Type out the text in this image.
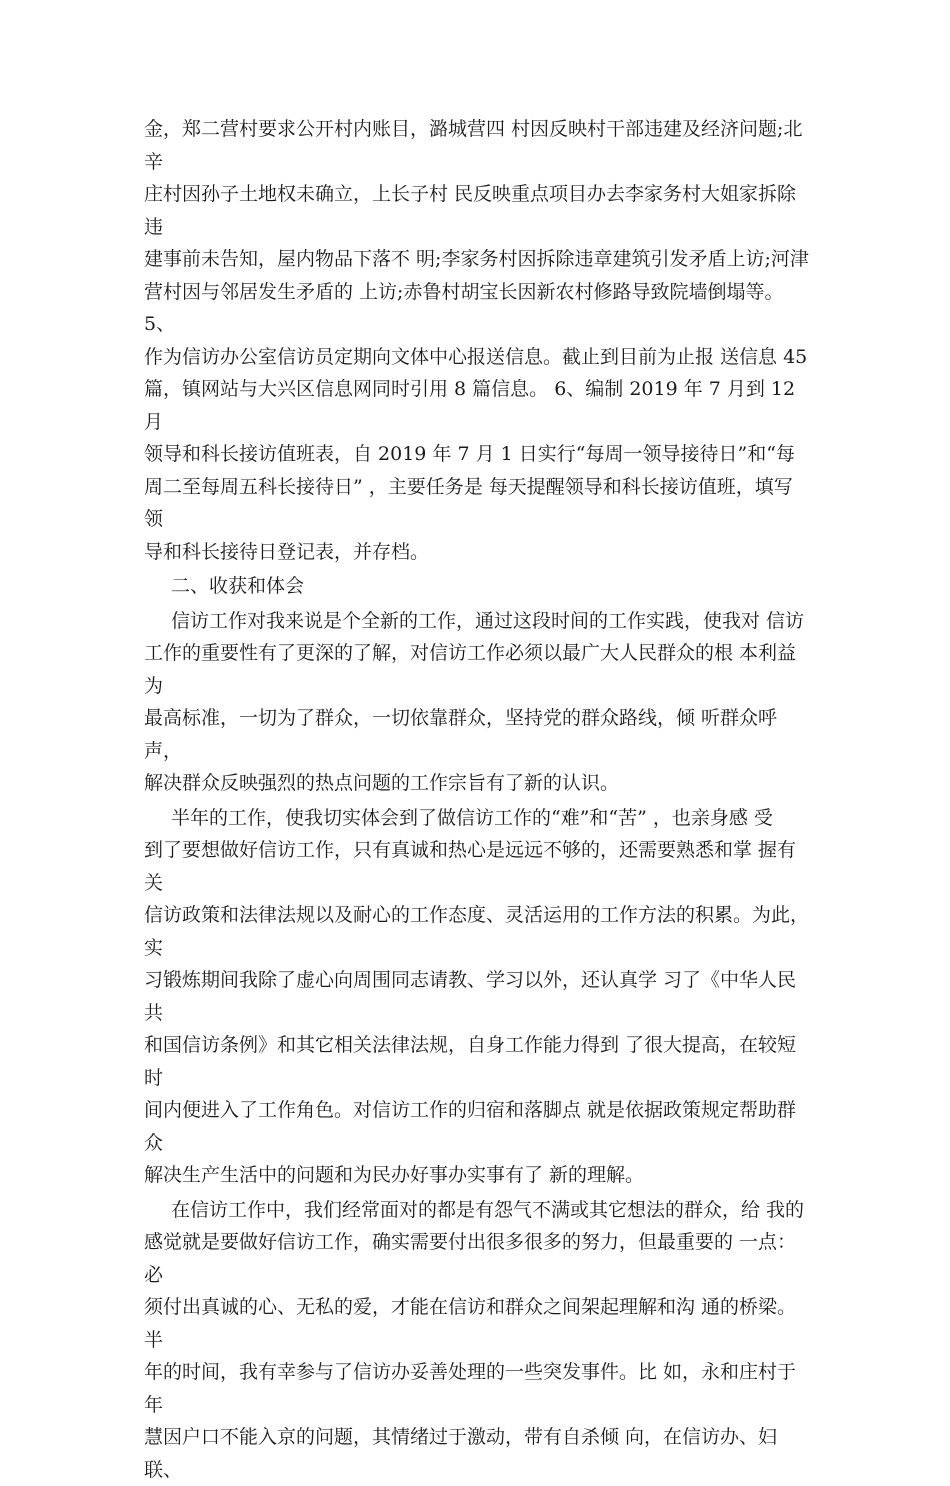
金，郑二营村要求公开村内账目，潞城营四 村因反映村干部违建及经济问题;北辛
庄村因孙子土地权未确立，上长子村 民反映重点项目办去李家务村大姐家拆除违
建事前未告知，屋内物品下落不 明;李家务村因拆除违章建筑引发矛盾上访;河津
营村因与邻居发生矛盾的 上访;赤鲁村胡宝长因新农村修路导致院墙倒塌等。 5、
作为信访办公室信访员定期向文体中心报送信息。截止到目前为止报 送信息 45
篇，镇网站与大兴区信息网同时引用 8 篇信息。 6、编制 2019 年 7 月到 12 月
领导和科长接访值班表，自 2019 年 7 月 1 日实行“每周一领导接待日”和“每
周二至每周五科长接待日” ，主要任务是 每天提醒领导和科长接访值班，填写领
导和科长接待日登记表，并存档。

二、收获和体会

信访工作对我来说是个全新的工作，通过这段时间的工作实践，使我对 信访
工作的重要性有了更深的了解，对信访工作必须以最广大人民群众的根 本利益为
最高标准，一切为了群众，一切依靠群众，坚持党的群众路线，倾 听群众呼声，
解决群众反映强烈的热点问题的工作宗旨有了新的认识。

半年的工作，使我切实体会到了做信访工作的“难”和“苦” ，也亲身感 受
到了要想做好信访工作，只有真诚和热心是远远不够的，还需要熟悉和掌 握有关
信访政策和法律法规以及耐心的工作态度、灵活运用的工作方法的积累。为此，实
习锻炼期间我除了虚心向周围同志请教、学习以外，还认真学 习了《中华人民共
和国信访条例》和其它相关法律法规，自身工作能力得到 了很大提高，在较短时
间内便进入了工作角色。对信访工作的归宿和落脚点 就是依据政策规定帮助群众
解决生产生活中的问题和为民办好事办实事有了 新的理解。

在信访工作中，我们经常面对的都是有怨气不满或其它想法的群众，给 我的
感觉就是要做好信访工作，确实需要付出很多很多的努力，但最重要的 一点：必
须付出真诚的心、无私的爱，才能在信访和群众之间架起理解和沟 通的桥梁。半
年的时间，我有幸参与了信访办妥善处理的一些突发事件。比 如，永和庄村于年
慧因户口不能入京的问题，其情绪过于激动，带有自杀倾 向，在信访办、妇联、
